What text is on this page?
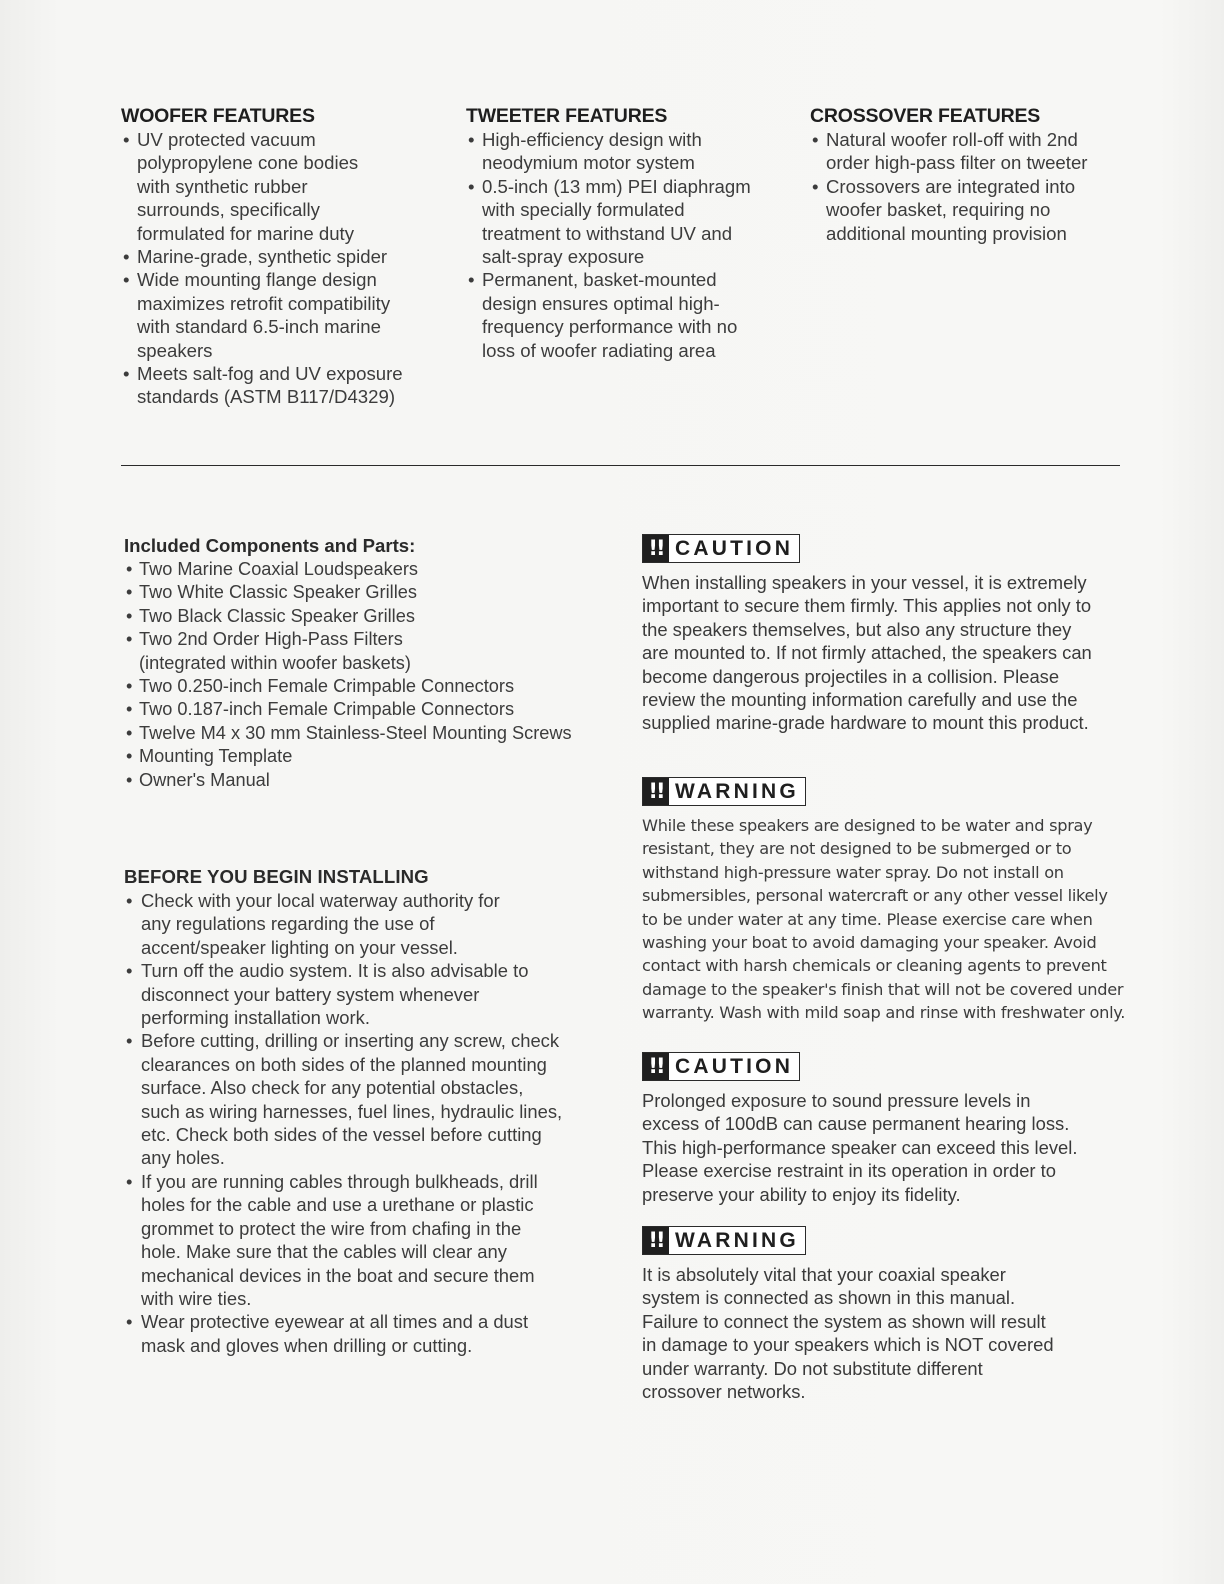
WOOFER FEATURES
• UV protected vacuum polypropylene cone bodies with synthetic rubber surrounds, specifically formulated for marine duty
• Marine-grade, synthetic spider
• Wide mounting flange design maximizes retrofit compatibility with standard 6.5-inch marine speakers
• Meets salt-fog and UV exposure standards (ASTM B117/D4329)
TWEETER FEATURES
• High-efficiency design with neodymium motor system
• 0.5-inch (13 mm) PEI diaphragm with specially formulated treatment to withstand UV and salt-spray exposure
• Permanent, basket-mounted design ensures optimal high-frequency performance with no loss of woofer radiating area
CROSSOVER FEATURES
• Natural woofer roll-off with 2nd order high-pass filter on tweeter
• Crossovers are integrated into woofer basket, requiring no additional mounting provision
Included Components and Parts:
• Two Marine Coaxial Loudspeakers
• Two White Classic Speaker Grilles
• Two Black Classic Speaker Grilles
• Two 2nd Order High-Pass Filters (integrated within woofer baskets)
• Two 0.250-inch Female Crimpable Connectors
• Two 0.187-inch Female Crimpable Connectors
• Twelve M4 x 30 mm Stainless-Steel Mounting Screws
• Mounting Template
• Owner's Manual
BEFORE YOU BEGIN INSTALLING
• Check with your local waterway authority for any regulations regarding the use of accent/speaker lighting on your vessel.
• Turn off the audio system. It is also advisable to disconnect your battery system whenever performing installation work.
• Before cutting, drilling or inserting any screw, check clearances on both sides of the planned mounting surface. Also check for any potential obstacles, such as wiring harnesses, fuel lines, hydraulic lines, etc. Check both sides of the vessel before cutting any holes.
• If you are running cables through bulkheads, drill holes for the cable and use a urethane or plastic grommet to protect the wire from chafing in the hole. Make sure that the cables will clear any mechanical devices in the boat and secure them with wire ties.
• Wear protective eyewear at all times and a dust mask and gloves when drilling or cutting.
!! CAUTION

When installing speakers in your vessel, it is extremely important to secure them firmly. This applies not only to the speakers themselves, but also any structure they are mounted to. If not firmly attached, the speakers can become dangerous projectiles in a collision. Please review the mounting information carefully and use the supplied marine-grade hardware to mount this product.

!! WARNING

While these speakers are designed to be water and spray resistant, they are not designed to be submerged or to withstand high-pressure water spray. Do not install on submersibles, personal watercraft or any other vessel likely to be under water at any time. Please exercise care when washing your boat to avoid damaging your speaker. Avoid contact with harsh chemicals or cleaning agents to prevent damage to the speaker's finish that will not be covered under warranty. Wash with mild soap and rinse with freshwater only.

!! CAUTION

Prolonged exposure to sound pressure levels in excess of 100dB can cause permanent hearing loss. This high-performance speaker can exceed this level. Please exercise restraint in its operation in order to preserve your ability to enjoy its fidelity.

!! WARNING

It is absolutely vital that your coaxial speaker system is connected as shown in this manual. Failure to connect the system as shown will result in damage to your speakers which is NOT covered under warranty. Do not substitute different crossover networks.
